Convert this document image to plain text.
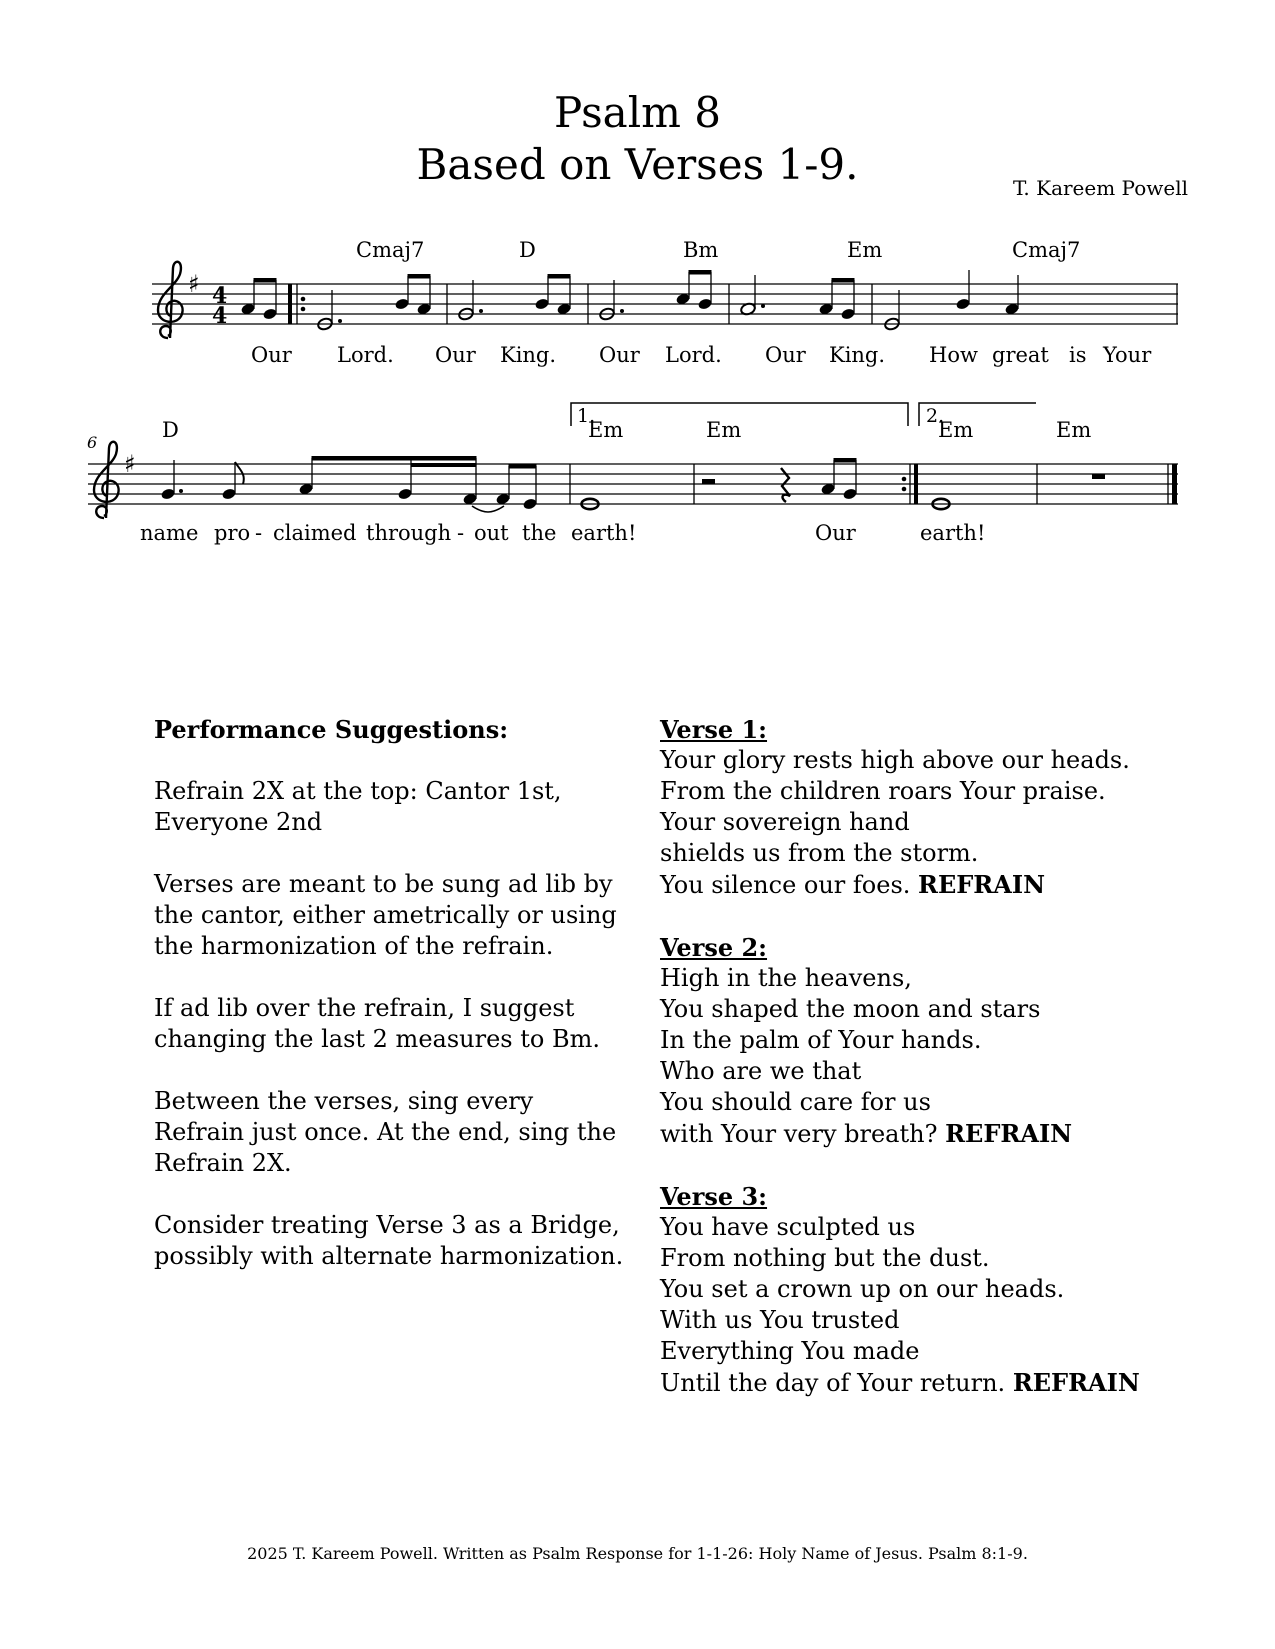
Psalm 8
Based on Verses 1-9.	T. Kareem Powell
♯ 4
4
Cmaj7	D	Bm	Em	Cmaj7
Our Lord. Our King. Our Lord. Our King. How great is Your
6
♯
1.	2.
D	Em	Em	Em	Em
name pro - claimed through - out the earth!	Our	earth!

Performance Suggestions:

Refrain 2X at the top: Cantor 1st, Everyone 2nd

Verses are meant to be sung ad lib by the cantor, either ametrically or using the harmonization of the refrain.

If ad lib over the refrain, I suggest changing the last 2 measures to Bm.

Between the verses, sing every Refrain just once. At the end, sing the Refrain 2X.

Consider treating Verse 3 as a Bridge, possibly with alternate harmonization.

Verse 1:
Your glory rests high above our heads.
From the children roars Your praise.
Your sovereign hand
shields us from the storm.
You silence our foes. REFRAIN
Verse 2:
High in the heavens,
You shaped the moon and stars
In the palm of Your hands.
Who are we that
You should care for us
with Your very breath? REFRAIN
Verse 3:
You have sculpted us
From nothing but the dust.
You set a crown up on our heads.
With us You trusted
Everything You made
Until the day of Your return. REFRAIN
2025 T. Kareem Powell. Written as Psalm Response for 1-1-26: Holy Name of Jesus. Psalm 8:1-9.
